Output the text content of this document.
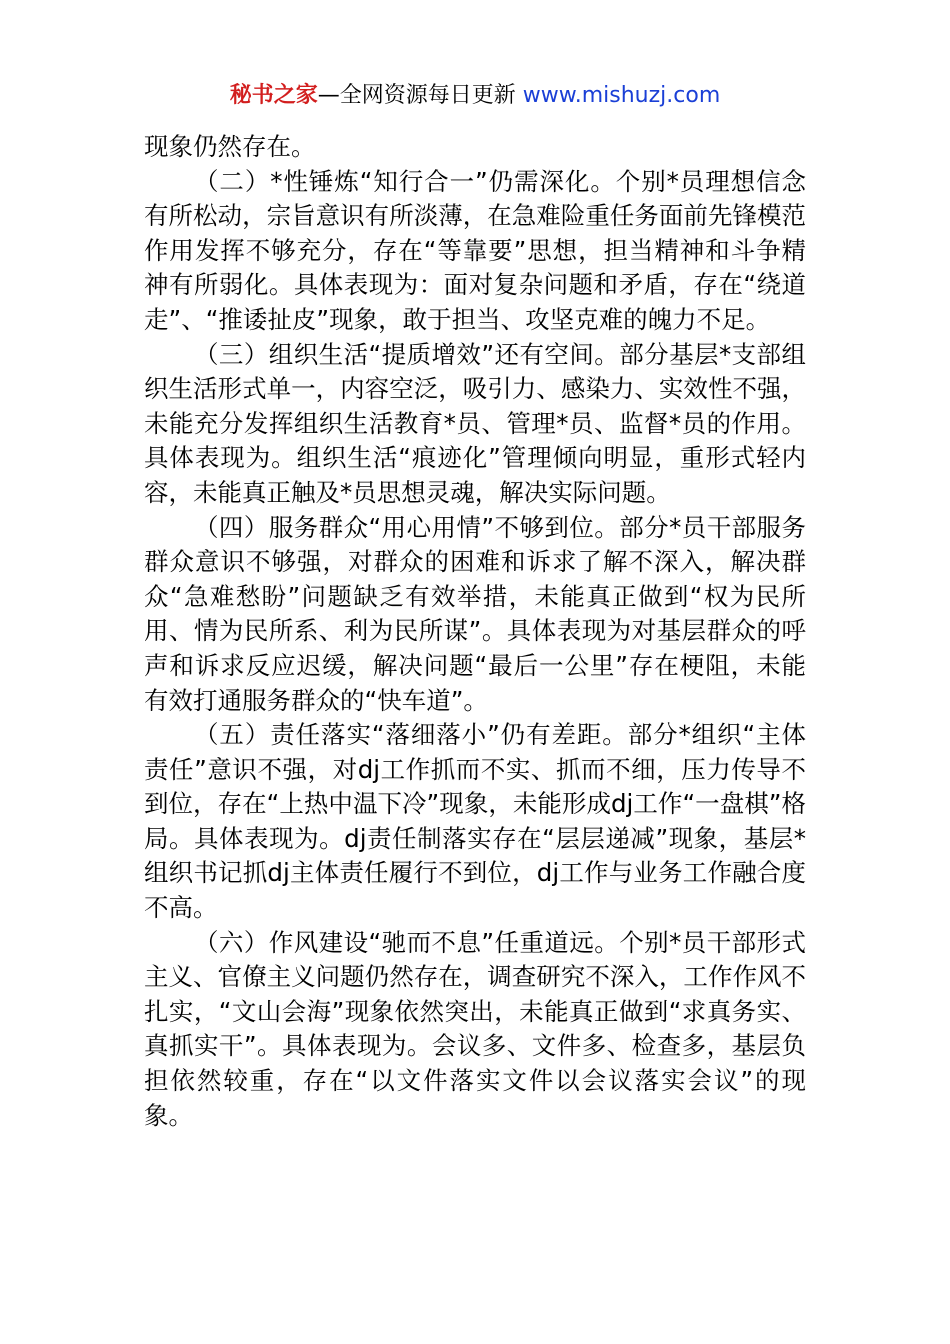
秘书之家—全网资源每日更新 www.mishuzj.com

现象仍然存在。

（二）*性锤炼“知行合一”仍需深化。个别*员理想信念有所松动，宗旨意识有所淡薄，在急难险重任务面前先锋模范作用发挥不够充分，存在“等靠要”思想，担当精神和斗争精神有所弱化。具体表现为：面对复杂问题和矛盾，存在“绕道走”、“推诿扯皮”现象，敢于担当、攻坚克难的魄力不足。

（三）组织生活“提质增效”还有空间。部分基层*支部组织生活形式单一，内容空泛，吸引力、感染力、实效性不强，未能充分发挥组织生活教育*员、管理*员、监督*员的作用。具体表现为。组织生活“痕迹化”管理倾向明显，重形式轻内容，未能真正触及*员思想灵魂，解决实际问题。

（四）服务群众“用心用情”不够到位。部分*员干部服务群众意识不够强，对群众的困难和诉求了解不深入，解决群众“急难愁盼”问题缺乏有效举措，未能真正做到“权为民所用、情为民所系、利为民所谋”。具体表现为对基层群众的呼声和诉求反应迟缓，解决问题“最后一公里”存在梗阻，未能有效打通服务群众的“快车道”。

（五）责任落实“落细落小”仍有差距。部分*组织“主体责任”意识不强，对dj工作抓而不实、抓而不细，压力传导不到位，存在“上热中温下冷”现象，未能形成dj工作“一盘棋”格局。具体表现为。dj责任制落实存在“层层递减”现象，基层*组织书记抓dj主体责任履行不到位，dj工作与业务工作融合度不高。

（六）作风建设“驰而不息”任重道远。个别*员干部形式主义、官僚主义问题仍然存在，调查研究不深入，工作作风不扎实，“文山会海”现象依然突出，未能真正做到“求真务实、真抓实干”。具体表现为。会议多、文件多、检查多，基层负担依然较重，存在“以文件落实文件以会议落实会议”的现象。
